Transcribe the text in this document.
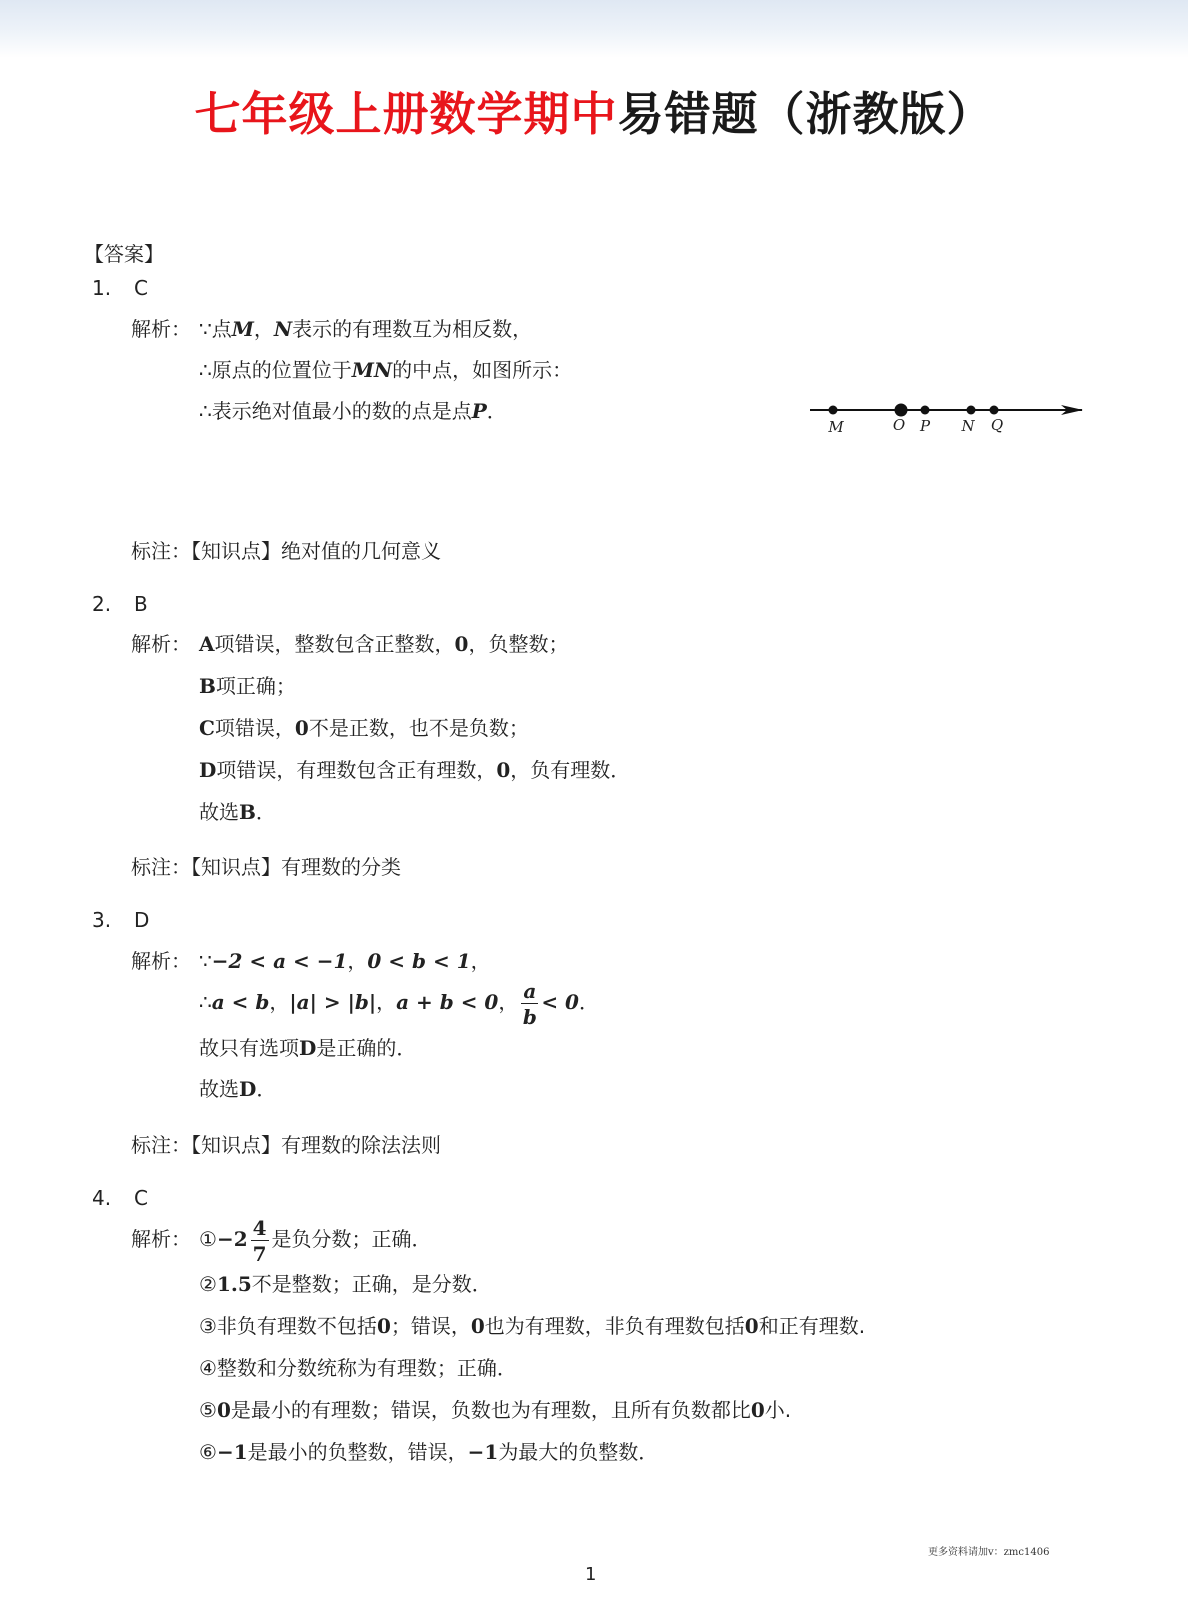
七年级上册数学期中易错题（浙教版）
【答案】
1. C
解析： ∵点M，N表示的有理数互为相反数，
∴原点的位置位于MN的中点，如图所示：
∴表示绝对值最小的数的点是点P．
M	O P N Q
标注：【知识点】绝对值的几何意义
2. B
解析： A项错误，整数包含正整数，0，负整数；
B项正确；
C项错误，0不是正数，也不是负数；
D项错误，有理数包含正有理数，0，负有理数．
故选B．
标注：【知识点】有理数的分类
3. D
解析： ∵−2 < a < −1，0 < b < 1，
∴a < b，|a| > |b|，a + b < 0， $\frac{a}{b} < 0$．
故只有选项D是正确的．
故选D．
标注：【知识点】有理数的除法法则
4. C
解析： ①−2 $\frac{4}{7}$ 是负分数；正确．
②1.5不是整数；正确，是分数．
③非负有理数不包括0；错误，0也为有理数，非负有理数包括0和正有理数.
④整数和分数统称为有理数；正确．
⑤0是最小的有理数；错误，负数也为有理数，且所有负数都比0小.
⑥−1是最小的负整数，错误，−1为最大的负整数．
更多资料请加v：zmc1406
1
